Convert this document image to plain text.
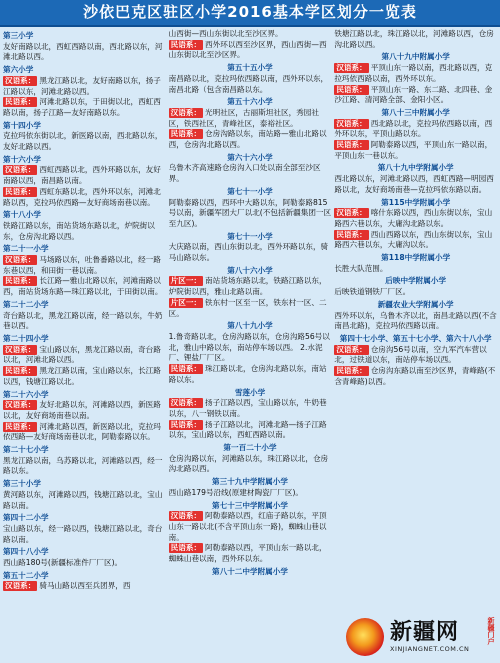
沙依巴克区驻区小学2016基本学区划分一览表
第三小学
友好南路以北，西虹西路以南，西北路以东，河滩北路以西。
第六小学
汉语系： 黑龙江路以北，友好南路以东，扬子江路以东，河滩北路以西。
民语系： 河滩北路以东，于田街以北，西虹西路以南，扬子江路—友好南路以东。
第十四小学
克拉玛依东街以北，新医路以南，西北路以东，友好北路以西。
第十六小学
汉语系： 西虹西路以北，西外环路以东，友好南路以西，南昌路以南。
民语系： 西虹东路以北，西外环以东，河滩北路以西，克拉玛依西路—友好商场南巷以南。
第十八小学
铁路江路以东，南站货场东路以北，炉院街以东，仓房沟北路以西。
第二十一小学
汉语系： 马场路以东，吐鲁番路以北，经一路东巷以西，和田街一巷以南。
民语系： 长江路—雅山北路以东，河滩南路以西，南站货场东路—珠江路以北，于田街以南。
第二十二小学
奇台路以北，黑龙江路以南，经一路以东，牛奶巷以西。
第二十四小学
汉语系： 宝山路以东，黑龙江路以南，奇台路以北，河滩北路以西。
民语系： 黑龙江路以南，宝山路以东，长江路以西，钱塘江路以北。
第二十六小学
汉语系： 友好北路以东，河滩路以西，新医路以北，友好商场南巷以南。
民语系： 河滩北路以西，新医路以北，克拉玛依西路—友好商场南巷以北，阿勒泰路以东。
第二十七小学
黑龙江路以南，乌苏路以北，河滩路以西，经一路以东。
第三十小学
黄河路以东，河滩路以西，钱塘江路以北，宝山路以南。
第四十二小学
宝山路以东，经一路以西，钱塘江路以北，奇台路以南。
第四十八小学
西山路180号(新疆标准件厂厂区)。
第五十二小学
汉语系： 骑马山路以西至兵团界，西
山西街—西山东街以北至沙区界。
民语系： 西外环以西至沙区界，西山西街—西山东街以北至沙区界。
第五十五小学
南昌路以北，克拉玛依西路以南，西外环以东，南昌北路（包含南昌路以东。
第五十六小学
汉语系： 光明社区，古丽斯坦社区，秀园社区，铁西社区，青峰社区，泰裕社区。
民语系： 仓房沟路以东，南站路—雅山北路以西，仓房沟北路以西。
第六十六小学
乌鲁木齐高速路仓房沟入口处以南全部至沙区界。
第七十一小学
阿勒泰路以西，西环中大路以东，阿勒泰路815号以南，新疆军团大厂以北(不包括新疆集团一区至九区)。
第七十一小学
大庆路以南，西山东街以北，西外环路以东，骑马山路以东。
第八十六小学
片区一： 南站货场东路以北，铁路江路以东，炉院街以西，雅山北路以南。
片区一： 铁东村一区至一区，铁东村一区、二区。
第八十九小学
1.鲁奇路以北，仓房沟路以东，仓房沟路56号以北，雅山中路以东，南站停车场以西。 2.水泥厂、锂盐厂厂区。
民语系： 珠江路以北，仓房沟北路以东，南站路以东。
雪莲小学
汉语系： 扬子江路以西，宝山路以东，牛奶巷以东，八一钢铁以南。
民语系： 扬子江路以北，河滩北路—扬子江路以东，宝山路以东，西虹西路以南。
第一百二十小学
仓房沟路以东，河滩路以东，珠江路以北，仓房沟北路以西。
第三十九中学附属小学
西山路179号沿线(原建材陶瓷厂厂区)。
第七十三中学附属小学
汉语系： 阿勒泰路以西，红庙子路以东，平顶山东一路以北(不含平顶山东一路)，蜘蛛山巷以南。
民语系： 阿勒泰路以西，平顶山东一路以北，蜘蛛山巷以南，西外环以东。
第八十二中学附属小学
铁塘江路以北，珠江路以北，河滩路以西，仓房沟北路以西。
第八十九中附属小学
汉语系： 平顶山东一路以南，西北路以西，克拉玛依西路以南，西外环以东。
民语系： 平顶山东一路、东二路、北四巷、金沙江路、清河路全部、金阳小区。
第八十三中附属小学
汉语系： 西北路以北，克拉玛依西路以南，西外环以东，平顶山路以东。
民语系： 阿勒泰路以西，平顶山东一路以南，平顶山东一巷以东。
第八十九中学附属小学
西北路以东，河滩北路以西，西虹西路—明园西路以北，友好商场南巷—克拉玛依东路以南。
第115中学附属小学
汉语系： 喀什东路以西，西山东街以东，宝山路西六巷以东，大庸沟北路以东。
民语系： 西山西路以东，西山东街以东，宝山路西六巷以东，大庸沟以东。
第118中学附属小学
长胜大队范围。
后映中学附属小学
后映铁道钢铁厂厂区。
新疆农业大学附属小学
西外环以东，乌鲁木齐以北，南昌北路以西(不含南昌北路)，克拉玛依西路以南。
第四十七小学、第五十七小学、第六十八小学
汉语系： 仓房沟56号以南，空九军汽车营以北，过铁道以东，南站停车场以西。
民语系： 仓房沟东路以南至沙区界，青峰路(不含青峰路)以西。
新疆网
XINJIANGNET.COM.CN
新疆门户
